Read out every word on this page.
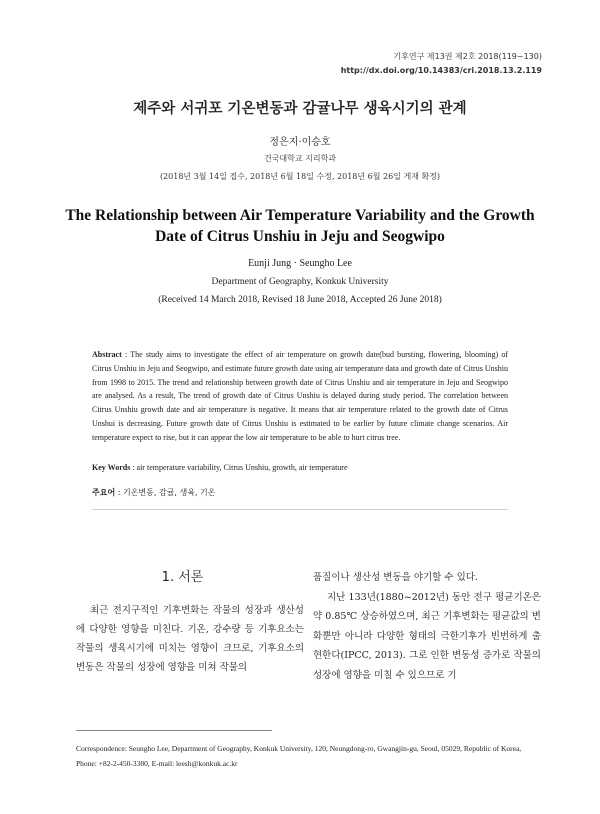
기후연구 제13권 제2호 2018(119~130)
http://dx.doi.org/10.14383/cri.2018.13.2.119
제주와 서귀포 기온변동과 감귤나무 생육시기의 관계
정은지·이승호
건국대학교 지리학과
(2018년 3월 14일 접수, 2018년 6월 18일 수정, 2018년 6월 26일 게재 확정)
The Relationship between Air Temperature Variability and the Growth Date of Citrus Unshiu in Jeju and Seogwipo
Eunji Jung · Seungho Lee
Department of Geography, Konkuk University
(Received 14 March 2018, Revised 18 June 2018, Accepted 26 June 2018)
Abstract : The study aims to investigate the effect of air temperature on growth date(bud bursting, flowering, blooming) of Citrus Unshiu in Jeju and Seogwipo, and estimate future growth date using air temperature data and growth date of Citrus Unshiu from 1998 to 2015. The trend and relationship between growth date of Citrus Unshiu and air temperature in Jeju and Seogwipo are analysed. As a result, The trend of growth date of Citrus Unshiu is delayed during study period. The correlation between Citrus Unshiu growth date and air temperature is negative. It means that air temperature related to the growth date of Citrus Unshui is decreasing. Future growth date of Citrus Unshiu is estimated to be earlier by future climate change scenarios. Air temperature expect to rise, but it can appear the low air temperature to be able to hurt citrus tree.
Key Words : air temperature variability, Citrus Unshiu, growth, air temperature
주요어 : 기온변동, 감귤, 생육, 기온
1. 서론
최근 전지구적인 기후변화는 작물의 성장과 생산성에 다양한 영향을 미친다. 기온, 강수량 등 기후요소는 작물의 생육시기에 미치는 영향이 크므로, 기후요소의 변동은 작물의 성장에 영향을 미쳐 작물의
품질이나 생산성 변동을 야기할 수 있다.
지난 133년(1880~2012년) 동안 전구 평균기온은 약 0.85℃ 상승하였으며, 최근 기후변화는 평균값의 변화뿐만 아니라 다양한 형태의 극한기후가 빈번하게 출현한다(IPCC, 2013). 그로 인한 변동성 증가로 작물의 성장에 영향을 미칠 수 있으므로 기
Correspondence: Seungho Lee, Department of Geography, Konkuk University, 120, Neungdong-ro, Gwangjin-gu, Seoul, 05029, Republic of Korea, Phone: +82-2-450-3380, E-mail: leesh@konkuk.ac.kr
